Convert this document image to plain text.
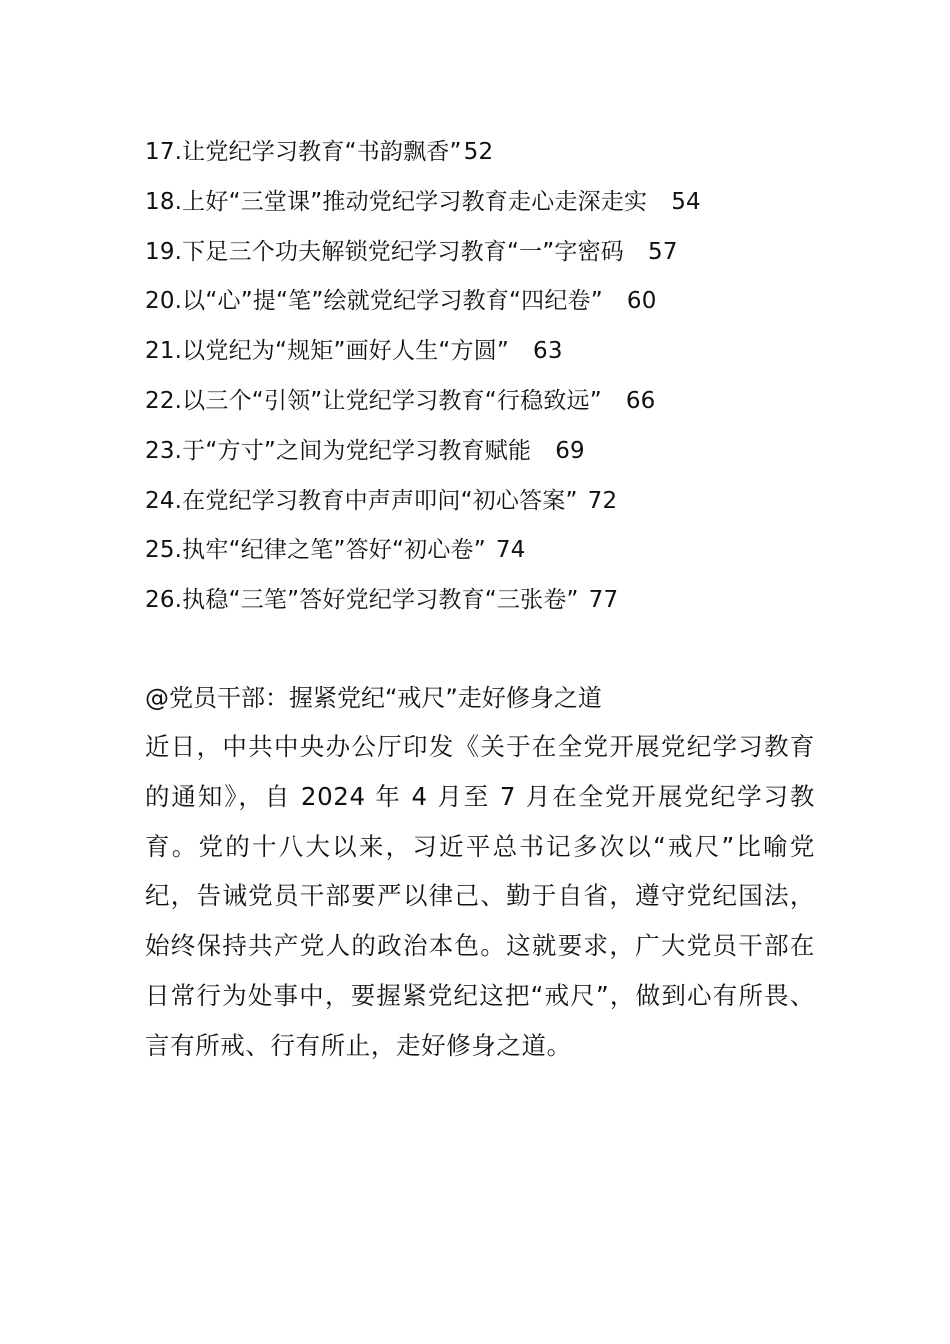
17.让党纪学习教育“书韵飘香”52
18.上好“三堂课”推动党纪学习教育走心走深走实 54
19.下足三个功夫解锁党纪学习教育“一”字密码 57
20.以“心”提“笔”绘就党纪学习教育“四纪卷” 60
21.以党纪为“规矩”画好人生“方圆” 63
22.以三个“引领”让党纪学习教育“行稳致远” 66
23.于“方寸”之间为党纪学习教育赋能 69
24.在党纪学习教育中声声叩问“初心答案” 72
25.执牢“纪律之笔”答好“初心卷” 74
26.执稳“三笔”答好党纪学习教育“三张卷” 77
@党员干部：握紧党纪“戒尺”走好修身之道

近日，中共中央办公厅印发《关于在全党开展党纪学习教育的通知》，自 2024 年 4 月至 7 月在全党开展党纪学习教育。党的十八大以来，习近平总书记多次以“戒尺”比喻党纪，告诫党员干部要严以律己、勤于自省，遵守党纪国法，始终保持共产党人的政治本色。这就要求，广大党员干部在日常行为处事中，要握紧党纪这把“戒尺”，做到心有所畏、言有所戒、行有所止，走好修身之道。
